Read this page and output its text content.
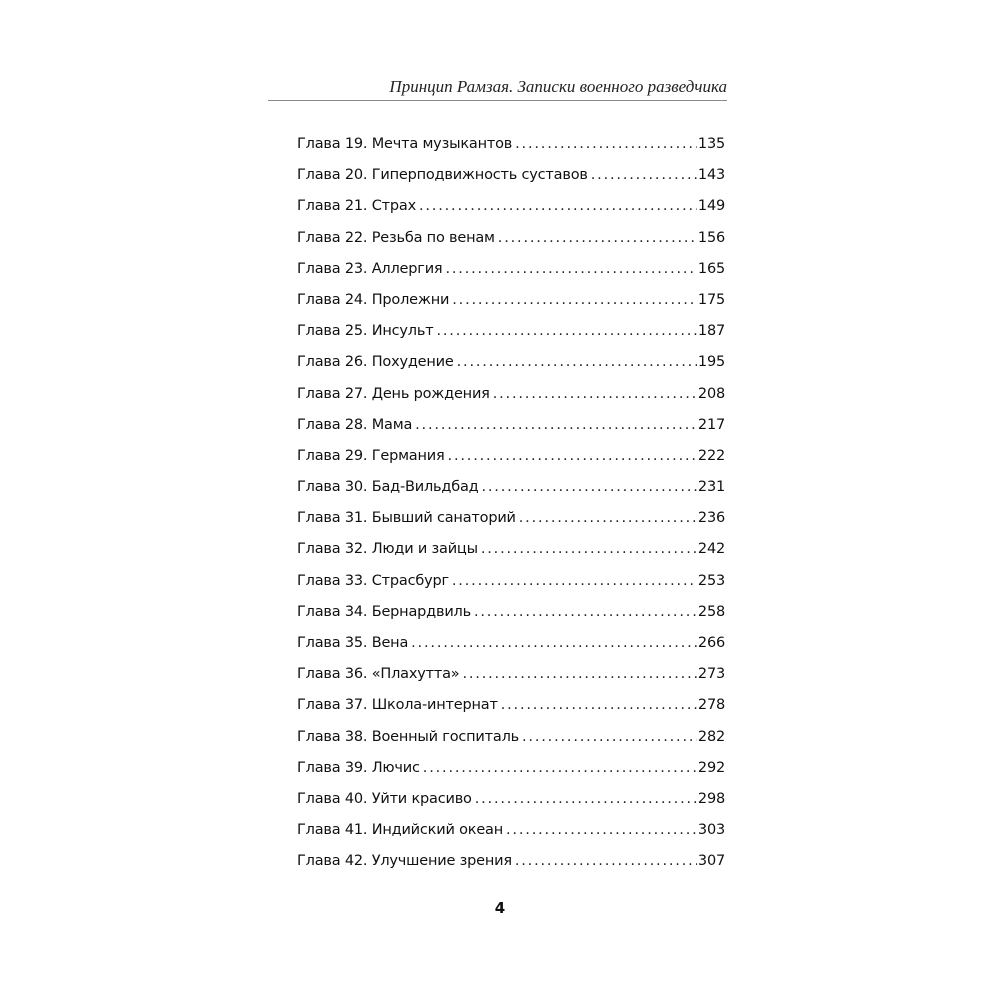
Принцип Рамзая. Записки военного разведчика
Глава 19. Мечта музыкантов . . .	135
Глава 20. Гиперподвижность суставов . . .	143
Глава 21. Страх . . .	149
Глава 22. Резьба по венам . . .	156
Глава 23. Аллергия . . .	165
Глава 24. Пролежни . . .	175
Глава 25. Инсульт . . .	187
Глава 26. Похудение . . .	195
Глава 27. День рождения . . .	208
Глава 28. Мама . . .	217
Глава 29. Германия . . .	222
Глава 30. Бад-Вильдбад . . .	231
Глава 31. Бывший санаторий . . .	236
Глава 32. Люди и зайцы . . .	242
Глава 33. Страсбург . . .	253
Глава 34. Бернардвиль . . .	258
Глава 35. Вена . . .	266
Глава 36. «Плахутта» . . .	273
Глава 37. Школа-интернат . . .	278
Глава 38. Военный госпиталь . . .	282
Глава 39. Лючис . . .	292
Глава 40. Уйти красиво . . .	298
Глава 41. Индийский океан . . .	303
Глава 42. Улучшение зрения . . .	307
4
